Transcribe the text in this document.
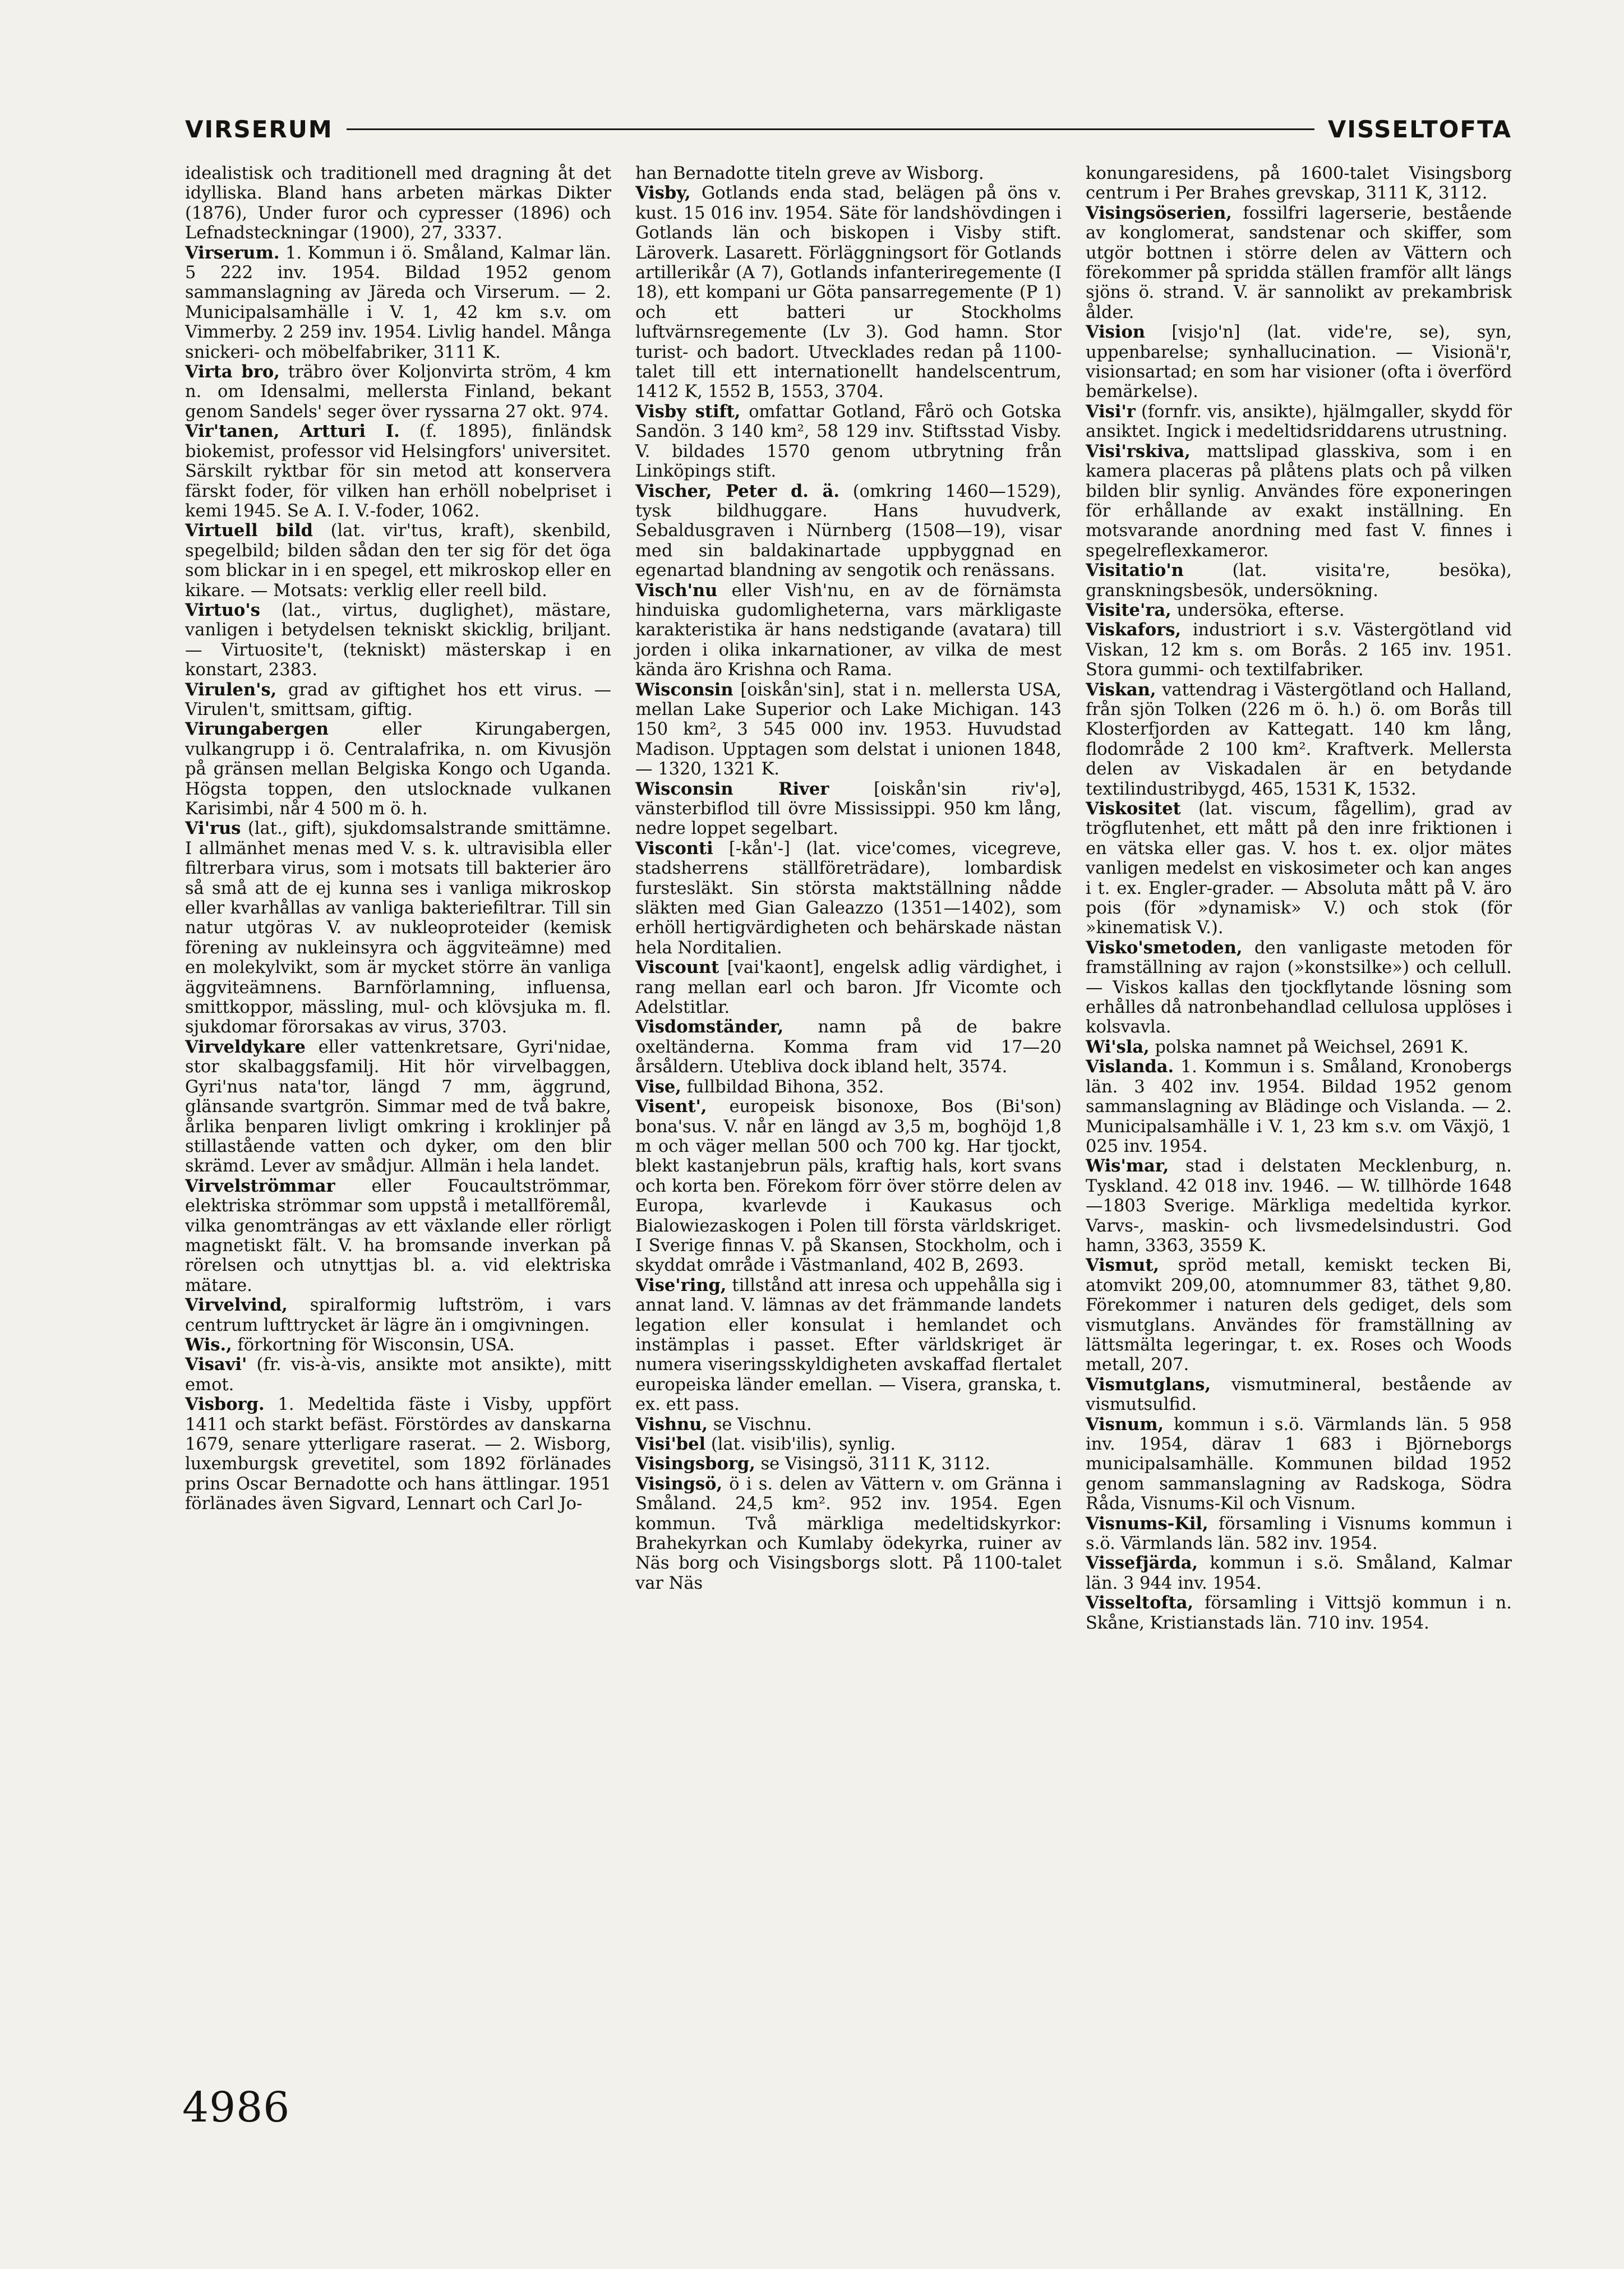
VIRSERUM	VISSELTOFTA

idealistisk och traditionell med dragning åt det idylliska. Bland hans arbeten märkas Dikter (1876), Under furor och cypresser (1896) och Lefnadsteckningar (1900), 27, 3337.

Virserum. 1. Kommun i ö. Småland, Kalmar län. 5 222 inv. 1954. Bildad 1952 genom sammanslagning av Järeda och Virserum. — 2. Municipalsamhälle i V. 1, 42 km s.v. om Vimmerby. 2 259 inv. 1954. Livlig handel. Många snickeri- och möbelfabriker, 3111 K.

Virta bro, träbro över Koljonvirta ström, 4 km n. om Idensalmi, mellersta Finland, bekant genom Sandels' seger över ryssarna 27 okt. 974.

Vir'tanen, Artturi I. (f. 1895), finländsk biokemist, professor vid Helsingfors' universitet. Särskilt ryktbar för sin metod att konservera färskt foder, för vilken han erhöll nobelpriset i kemi 1945. Se A. I. V.-foder, 1062.

Virtuell bild (lat. vir'tus, kraft), skenbild, spegelbild; bilden sådan den ter sig för det öga som blickar in i en spegel, ett mikroskop eller en kikare. — Motsats: verklig eller reell bild.

Virtuo's (lat., virtus, duglighet), mästare, vanligen i betydelsen tekniskt skicklig, briljant. — Virtuosite't, (tekniskt) mästerskap i en konstart, 2383.

Virulen's, grad av giftighet hos ett virus. — Virulen't, smittsam, giftig.

Virungabergen eller Kirungabergen, vulkangrupp i ö. Centralafrika, n. om Kivusjön på gränsen mellan Belgiska Kongo och Uganda. Högsta toppen, den utslocknade vulkanen Karisimbi, når 4 500 m ö. h.

Vi'rus (lat., gift), sjukdomsalstrande smittämne. I allmänhet menas med V. s. k. ultravisibla eller filtrerbara virus, som i motsats till bakterier äro så små att de ej kunna ses i vanliga mikroskop eller kvarhållas av vanliga bakteriefiltrar. Till sin natur utgöras V. av nukleoproteider (kemisk förening av nukleinsyra och äggviteämne) med en molekylvikt, som är mycket större än vanliga äggviteämnens. Barnförlamning, influensa, smittkoppor, mässling, mul- och klövsjuka m. fl. sjukdomar förorsakas av virus, 3703.

Virveldykare eller vattenkretsare, Gyri'nidae, stor skalbaggsfamilj. Hit hör virvelbaggen, Gyri'nus nata'tor, längd 7 mm, äggrund, glänsande svartgrön. Simmar med de två bakre, årlika benparen livligt omkring i kroklinjer på stillastående vatten och dyker, om den blir skrämd. Lever av smådjur. Allmän i hela landet.

Virvelströmmar eller Foucaultströmmar, elektriska strömmar som uppstå i metallföremål, vilka genomträngas av ett växlande eller rörligt magnetiskt fält. V. ha bromsande inverkan på rörelsen och utnyttjas bl. a. vid elektriska mätare.

Virvelvind, spiralformig luftström, i vars centrum lufttrycket är lägre än i omgivningen.

Wis., förkortning för Wisconsin, USA.

Visavi' (fr. vis-à-vis, ansikte mot ansikte), mitt emot.

Visborg. 1. Medeltida fäste i Visby, uppfört 1411 och starkt befäst. Förstördes av danskarna 1679, senare ytterligare raserat. — 2. Wisborg, luxemburgsk grevetitel, som 1892 förlänades prins Oscar Bernadotte och hans ättlingar. 1951 förlänades även Sigvard, Lennart och Carl Jo-

han Bernadotte titeln greve av Wisborg.

Visby, Gotlands enda stad, belägen på öns v. kust. 15 016 inv. 1954. Säte för landshövdingen i Gotlands län och biskopen i Visby stift. Läroverk. Lasarett. Förläggningsort för Gotlands artillerikår (A 7), Gotlands infanteriregemente (I 18), ett kompani ur Göta pansarregemente (P 1) och ett batteri ur Stockholms luftvärnsregemente (Lv 3). God hamn. Stor turist- och badort. Utvecklades redan på 1100-talet till ett internationellt handelscentrum, 1412 K, 1552 B, 1553, 3704.

Visby stift, omfattar Gotland, Fårö och Gotska Sandön. 3 140 km², 58 129 inv. Stiftsstad Visby. V. bildades 1570 genom utbrytning från Linköpings stift.

Vischer, Peter d. ä. (omkring 1460—1529), tysk bildhuggare. Hans huvudverk, Sebaldusgraven i Nürnberg (1508—19), visar med sin baldakinartade uppbyggnad en egenartad blandning av sengotik och renässans.

Visch'nu eller Vish'nu, en av de förnämsta hinduiska gudomligheterna, vars märkligaste karakteristika är hans nedstigande (avatara) till jorden i olika inkarnationer, av vilka de mest kända äro Krishna och Rama.

Wisconsin [oiskån'sin], stat i n. mellersta USA, mellan Lake Superior och Lake Michigan. 143 150 km², 3 545 000 inv. 1953. Huvudstad Madison. Upptagen som delstat i unionen 1848, — 1320, 1321 K.

Wisconsin River [oiskån'sin riv'ə], vänsterbiflod till övre Mississippi. 950 km lång, nedre loppet segelbart.

Visconti [-kån'-] (lat. vice'comes, vicegreve, stadsherrens ställföreträdare), lombardisk furstesläkt. Sin största maktställning nådde släkten med Gian Galeazzo (1351—1402), som erhöll hertigvärdigheten och behärskade nästan hela Norditalien.

Viscount [vai'kaont], engelsk adlig värdighet, i rang mellan earl och baron. Jfr Vicomte och Adelstitlar.

Visdomständer, namn på de bakre oxeltänderna. Komma fram vid 17—20 årsåldern. Utebliva dock ibland helt, 3574.

Vise, fullbildad Bihona, 352.

Visent', europeisk bisonoxe, Bos (Bi'son) bona'sus. V. når en längd av 3,5 m, boghöjd 1,8 m och väger mellan 500 och 700 kg. Har tjockt, blekt kastanjebrun päls, kraftig hals, kort svans och korta ben. Förekom förr över större delen av Europa, kvarlevde i Kaukasus och Bialowiezaskogen i Polen till första världskriget. I Sverige finnas V. på Skansen, Stockholm, och i skyddat område i Västmanland, 402 B, 2693.

Vise'ring, tillstånd att inresa och uppehålla sig i annat land. V. lämnas av det främmande landets legation eller konsulat i hemlandet och instämplas i passet. Efter världskriget är numera viseringsskyldigheten avskaffad flertalet europeiska länder emellan. — Visera, granska, t. ex. ett pass.

Vishnu, se Vischnu.

Visi'bel (lat. visib'ilis), synlig.

Visingsborg, se Visingsö, 3111 K, 3112.

Visingsö, ö i s. delen av Vättern v. om Gränna i Småland. 24,5 km². 952 inv. 1954. Egen kommun. Två märkliga medeltidskyrkor: Brahekyrkan och Kumlaby ödekyrka, ruiner av Näs borg och Visingsborgs slott. På 1100-talet var Näs

konungaresidens, på 1600-talet Visingsborg centrum i Per Brahes grevskap, 3111 K, 3112.

Visingsöserien, fossilfri lagerserie, bestående av konglomerat, sandstenar och skiffer, som utgör bottnen i större delen av Vättern och förekommer på spridda ställen framför allt längs sjöns ö. strand. V. är sannolikt av prekambrisk ålder.

Vision [visjo'n] (lat. vide're, se), syn, uppenbarelse; synhallucination. — Visionä'r, visionsartad; en som har visioner (ofta i överförd bemärkelse).

Visi'r (fornfr. vis, ansikte), hjälmgaller, skydd för ansiktet. Ingick i medeltidsriddarens utrustning.

Visi'rskiva, mattslipad glasskiva, som i en kamera placeras på plåtens plats och på vilken bilden blir synlig. Användes före exponeringen för erhållande av exakt inställning. En motsvarande anordning med fast V. finnes i spegelreflexkameror.

Visitatio'n (lat. visita're, besöka), granskningsbesök, undersökning.

Visite'ra, undersöka, efterse.

Viskafors, industriort i s.v. Västergötland vid Viskan, 12 km s. om Borås. 2 165 inv. 1951. Stora gummi- och textilfabriker.

Viskan, vattendrag i Västergötland och Halland, från sjön Tolken (226 m ö. h.) ö. om Borås till Klosterfjorden av Kattegatt. 140 km lång, flodområde 2 100 km². Kraftverk. Mellersta delen av Viskadalen är en betydande textilindustribygd, 465, 1531 K, 1532.

Viskositet (lat. viscum, fågellim), grad av trögflutenhet, ett mått på den inre friktionen i en vätska eller gas. V. hos t. ex. oljor mätes vanligen medelst en viskosimeter och kan anges i t. ex. Engler-grader. — Absoluta mått på V. äro pois (för »dynamisk» V.) och stok (för »kinematisk V.).

Visko'smetoden, den vanligaste metoden för framställning av rajon (»konstsilke») och cellull. — Viskos kallas den tjockflytande lösning som erhålles då natronbehandlad cellulosa upplöses i kolsvavla.

Wi'sla, polska namnet på Weichsel, 2691 K.

Vislanda. 1. Kommun i s. Småland, Kronobergs län. 3 402 inv. 1954. Bildad 1952 genom sammanslagning av Blädinge och Vislanda. — 2. Municipalsamhälle i V. 1, 23 km s.v. om Växjö, 1 025 inv. 1954.

Wis'mar, stad i delstaten Mecklenburg, n. Tyskland. 42 018 inv. 1946. — W. tillhörde 1648—1803 Sverige. Märkliga medeltida kyrkor. Varvs-, maskin- och livsmedelsindustri. God hamn, 3363, 3559 K.

Vismut, spröd metall, kemiskt tecken Bi, atomvikt 209,00, atomnummer 83, täthet 9,80. Förekommer i naturen dels gediget, dels som vismutglans. Användes för framställning av lättsmälta legeringar, t. ex. Roses och Woods metall, 207.

Vismutglans, vismutmineral, bestående av vismutsulfid.

Visnum, kommun i s.ö. Värmlands län. 5 958 inv. 1954, därav 1 683 i Björneborgs municipalsamhälle. Kommunen bildad 1952 genom sammanslagning av Radskoga, Södra Råda, Visnums-Kil och Visnum.

Visnums-Kil, församling i Visnums kommun i s.ö. Värmlands län. 582 inv. 1954.

Vissefjärda, kommun i s.ö. Småland, Kalmar län. 3 944 inv. 1954.

Visseltofta, församling i Vittsjö kommun i n. Skåne, Kristianstads län. 710 inv. 1954.

4986
